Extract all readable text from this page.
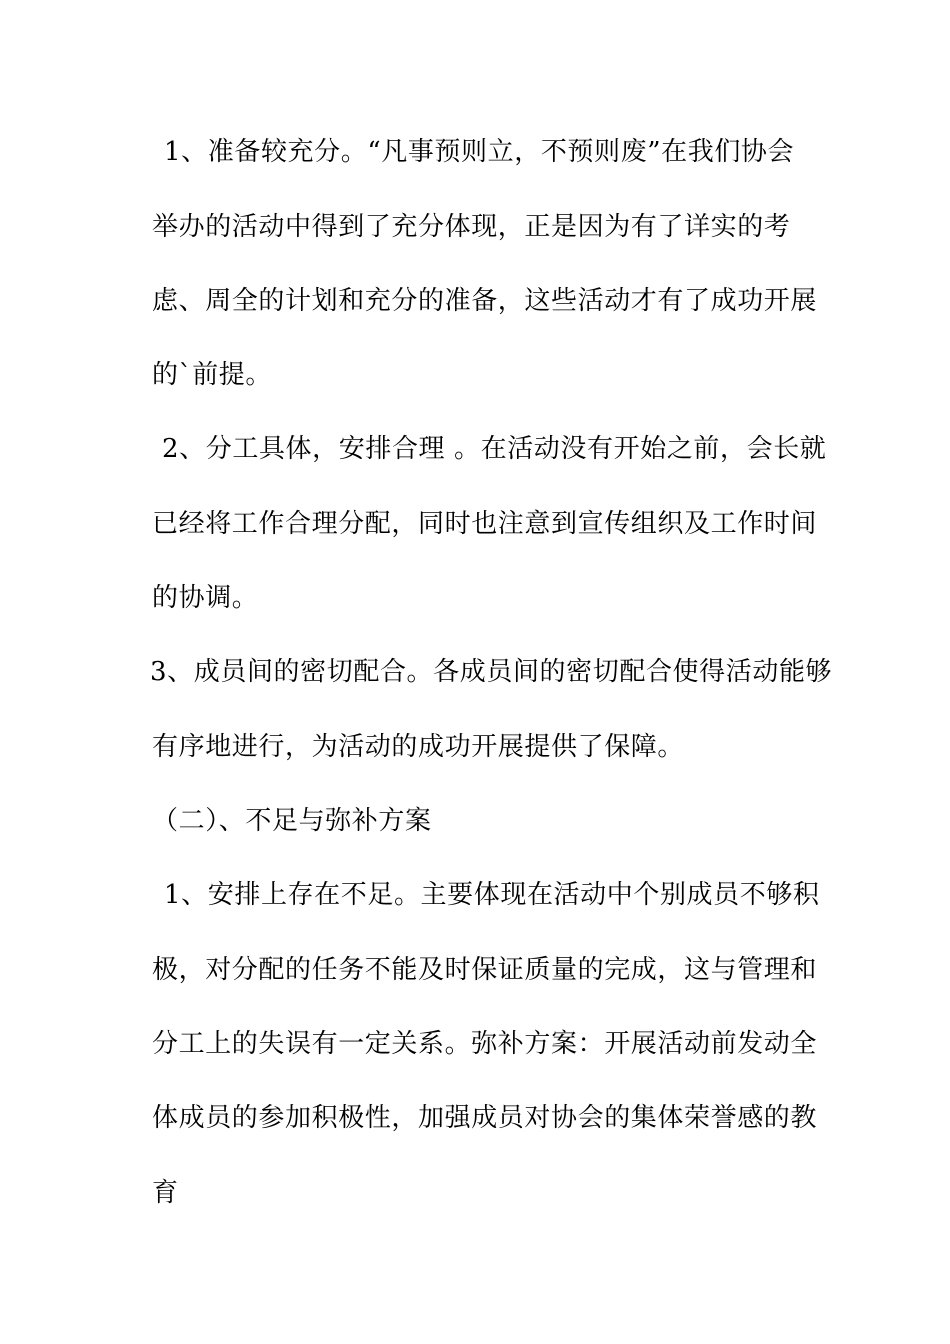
1、准备较充分。“凡事预则立，不预则废”在我们协会
举办的活动中得到了充分体现，正是因为有了详实的考
虑、周全的计划和充分的准备，这些活动才有了成功开展
的`前提。
2、分工具体，安排合理 。在活动没有开始之前，会长就
已经将工作合理分配，同时也注意到宣传组织及工作时间
的协调。
3、成员间的密切配合。各成员间的密切配合使得活动能够
有序地进行，为活动的成功开展提供了保障。
（二）、不足与弥补方案
1、安排上存在不足。主要体现在活动中个别成员不够积
极，对分配的任务不能及时保证质量的完成，这与管理和
分工上的失误有一定关系。弥补方案：开展活动前发动全
体成员的参加积极性，加强成员对协会的集体荣誉感的教
育
